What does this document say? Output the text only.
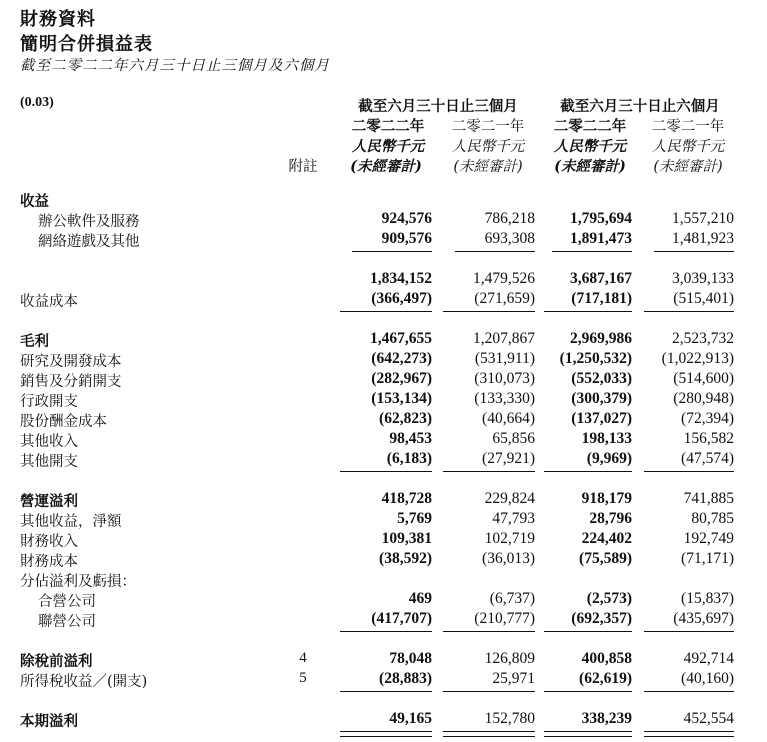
財務資料
簡明合併損益表
截至二零二二年六月三十日止三個月及六個月
(0.03)	截至六月三十日止三個月	截至六月三十日止六個月
二零二二年	二零二一年	二零二二年	二零二一年
人民幣千元	人民幣千元	人民幣千元	人民幣千元
附註	(未經審計)	(未經審計)	(未經審計)	(未經審計)
收益
辦公軟件及服務	924,576	786,218 1,795,694	1,557,210
網絡遊戲及其他	909,576	693,308 1,891,473	1,481,923
1,834,152	1,479,526 3,687,167	3,039,133
收益成本	(366,497)	(271,659) (717,181)	(515,401)
毛利	1,467,655	1,207,867 2,969,986	2,523,732
研究及開發成本	(642,273)	(531,911) (1,250,532) (1,022,913)
銷售及分銷開支	(282,967)	(310,073) (552,033)	(514,600)
行政開支	(153,134)	(133,330) (300,379)	(280,948)
股份酬金成本	(62,823)	(40,664) (137,027)	(72,394)
其他收入	98,453	65,856	198,133	156,582
其他開支	(6,183)	(27,921)	(9,969)	(47,574)
營運溢利	418,728	229,824	918,179	741,885
其他收益，淨額	5,769	47,793	28,796	80,785
財務收入	109,381	102,719	224,402	192,749
財務成本	(38,592)	(36,013)	(75,589)	(71,171)
分佔溢利及虧損：
合營公司	469	(6,737)	(2,573)	(15,837)
聯營公司	(417,707)	(210,777) (692,357)	(435,697)
除稅前溢利	4	78,048	126,809	400,858	492,714
所得稅收益／(開支)	5	(28,883)	25,971	(62,619)	(40,160)
本期溢利	49,165	152,780	338,239	452,554
